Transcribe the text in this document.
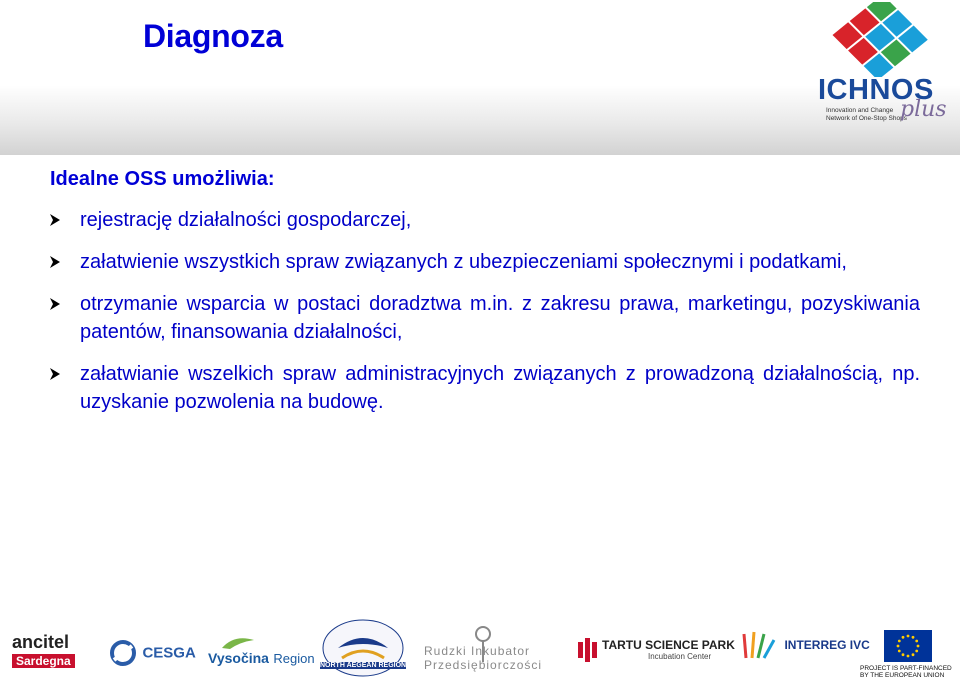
Diagnoza
ICHNOS
Innovation and Change
Network of One-Stop Shops
plus
Idealne OSS umożliwia:
rejestrację działalności gospodarczej,
załatwienie wszystkich spraw związanych z ubezpieczeniami społecznymi i podatkami,
otrzymanie wsparcia w postaci doradztwa m.in. z zakresu prawa, marketingu, pozyskiwania patentów, finansowania działalności,
załatwianie wszelkich spraw administracyjnych związanych z prowadzoną działalnością, np. uzyskanie pozwolenia na budowę.
ancitel
Sardegna	CESGA Vysočina Region NORTH AEGEAN REGION
Rudzki Inkubator
Przedsiębiorczości
TARTU SCIENCE PARK
Incubation Center
INTERREG IVC
PROJECT IS PART-FINANCED
BY THE EUROPEAN UNION
